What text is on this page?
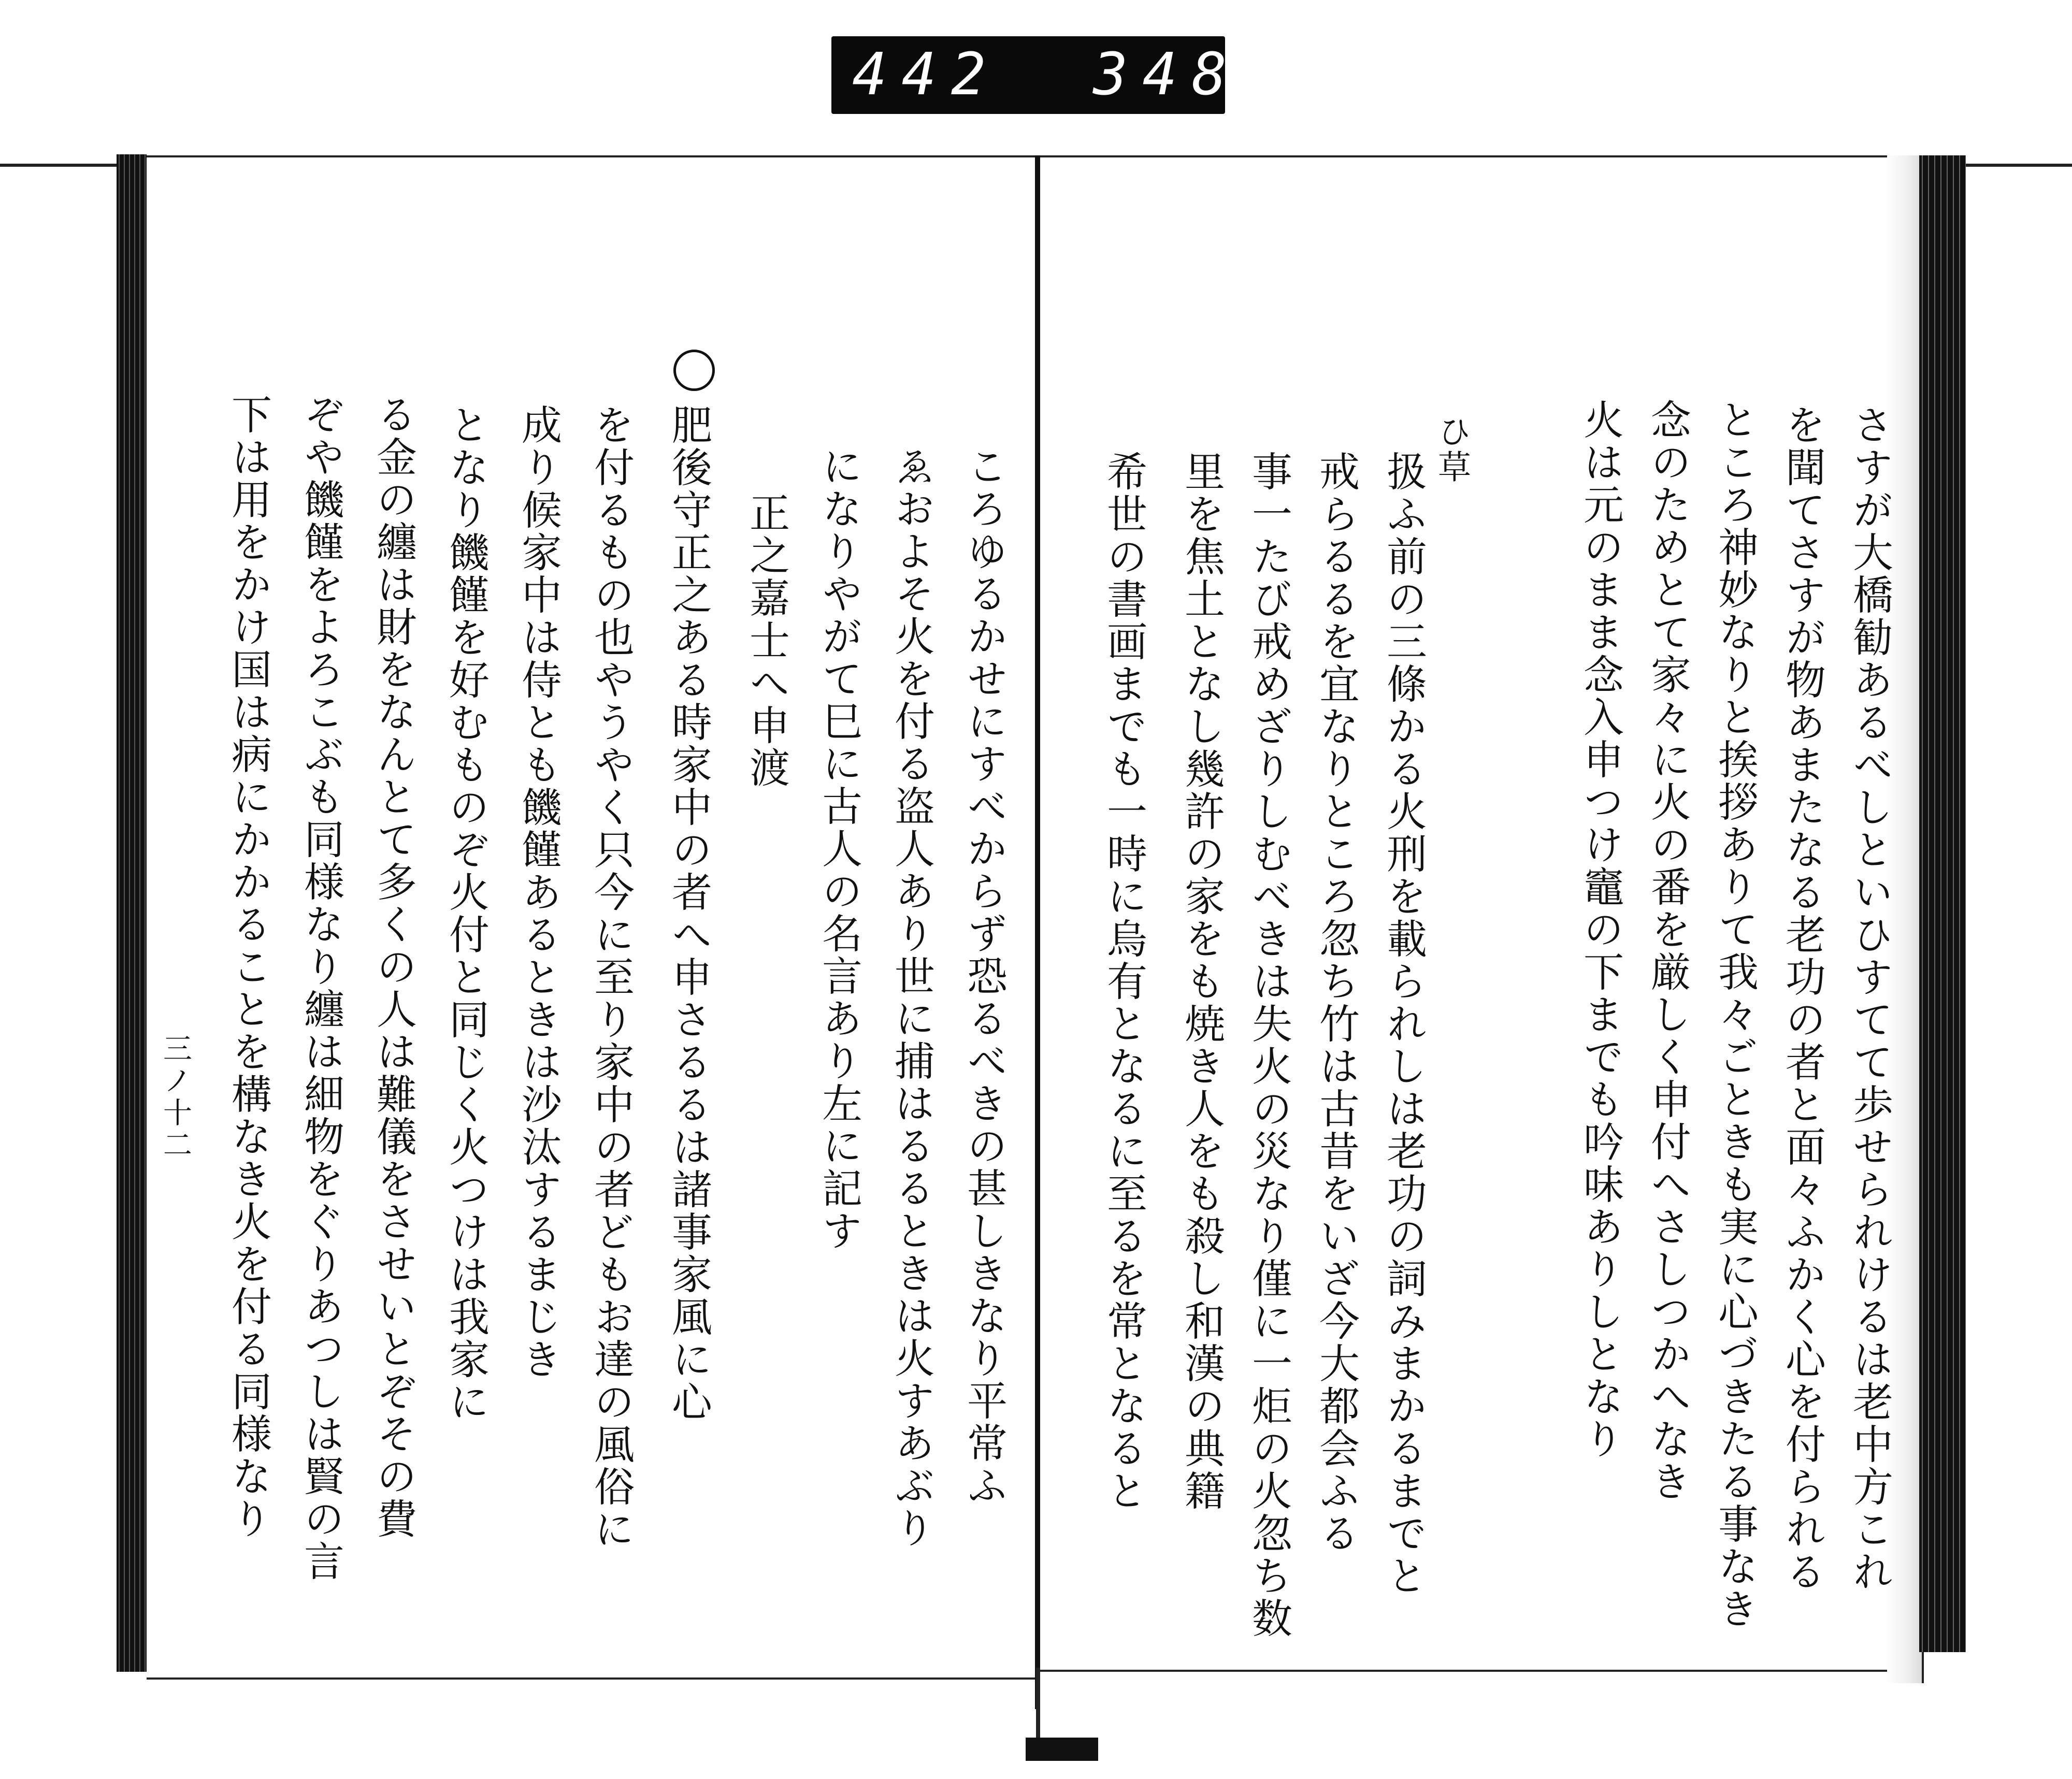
442 348.
さすが大橋勧あるべしといひすてて歩せられけるは老中方これ
を聞てさすが物あまたなる老功の者と面々ふかく心を付られる
ところ神妙なりと挨拶ありて我々ごときも実に心づきたる事なき
念のためとて家々に火の番を厳しく申付へさしつかへなき
火は元のまま念入申つけ竈の下までも吟味ありしとなり
ひ草
扱ふ前の三條かる火刑を載られしは老功の詞みまかるまでと
戒らるるを宜なりところ忽ち竹は古昔をいざ今大都会ふる
事一たび戒めざりしむべきは失火の災なり僅に一炬の火忽ち数
里を焦土となし幾許の家をも焼き人をも殺し和漢の典籍
希世の書画までも一時に烏有となるに至るを常となると
ころゆるかせにすべからず恐るべきの甚しきなり平常ふ
ゑおよそ火を付る盗人あり世に捕はるるときは火すあぶり
になりやがて巳に古人の名言あり左に記す
正之嘉士へ申渡
肥後守正之ある時家中の者へ申さるるは諸事家風に心
を付るもの也やうやく只今に至り家中の者どもお達の風俗に
成り候家中は侍とも饑饉あるときは沙汰するまじき
となり饑饉を好むものぞ火付と同じく火つけは我家に
る金の纏は財をなんとて多くの人は難儀をさせいとぞその費
ぞや饑饉をよろこぶも同様なり纏は細物をぐりあつしは賢の言
下は用をかけ国は病にかかることを構なき火を付る同様なり
三ノ十二
